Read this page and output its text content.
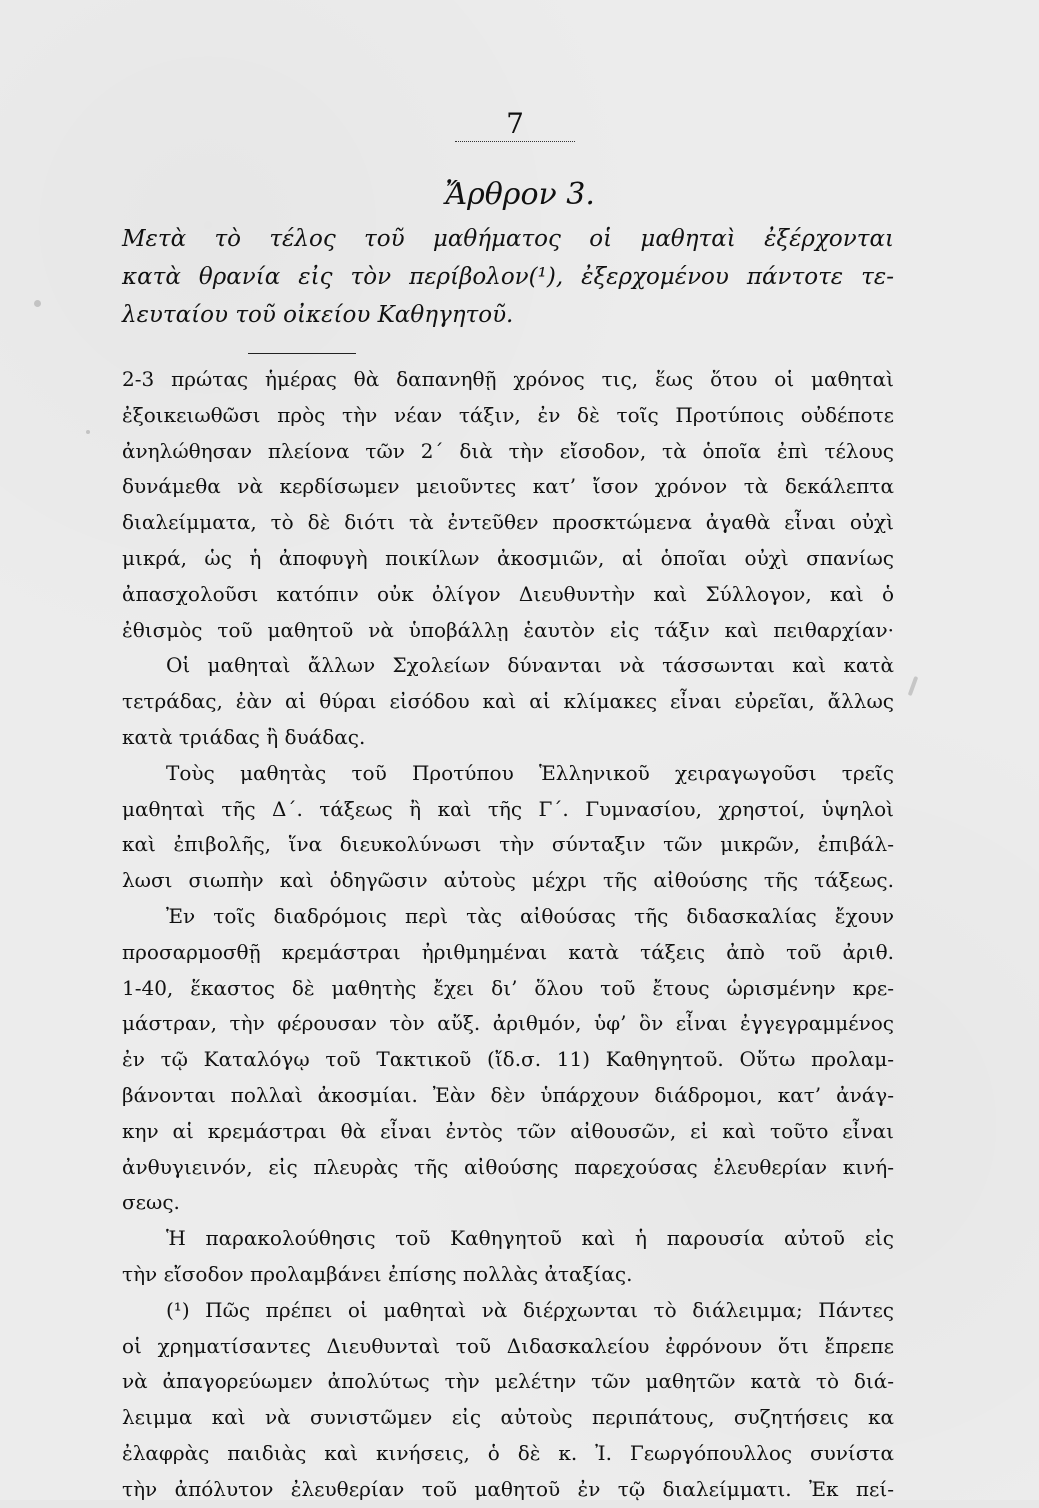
7
Ἄρθρον 3.
Μετὰ τὸ τέλος τοῦ μαθήματος οἱ μαθηταὶ ἐξέρχονται
κατὰ θρανία εἰς τὸν περίβολον(¹), ἐξερχομένου πάντοτε τε-
λευταίου τοῦ οἰκείου Καθηγητοῦ.
2-3 πρώτας ἡμέρας θὰ δαπανηθῇ χρόνος τις, ἕως ὅτου οἱ μαθηταὶ
ἐξοικειωθῶσι πρὸς τὴν νέαν τάξιν, ἐν δὲ τοῖς Προτύποις οὐδέποτε
ἀνηλώθησαν πλείονα τῶν 2´ διὰ τὴν εἴσοδον, τὰ ὁποῖα ἐπὶ τέλους
δυνάμεθα νὰ κερδίσωμεν μειοῦντες κατ’ ἴσον χρόνον τὰ δεκάλεπτα
διαλείμματα, τὸ δὲ διότι τὰ ἐντεῦθεν προσκτώμενα ἀγαθὰ εἶναι οὐχὶ
μικρά, ὡς ἡ ἀποφυγὴ ποικίλων ἀκοσμιῶν, αἱ ὁποῖαι οὐχὶ σπανίως
ἀπασχολοῦσι κατόπιν οὐκ ὀλίγον Διευθυντὴν καὶ Σύλλογον, καὶ ὁ
ἐθισμὸς τοῦ μαθητοῦ νὰ ὑποβάλλῃ ἑαυτὸν εἰς τάξιν καὶ πειθαρχίαν·
Οἱ μαθηταὶ ἄλλων Σχολείων δύνανται νὰ τάσσωνται καὶ κατὰ
τετράδας, ἐὰν αἱ θύραι εἰσόδου καὶ αἱ κλίμακες εἶναι εὐρεῖαι, ἄλλως
κατὰ τριάδας ἢ δυάδας.
Τοὺς μαθητὰς τοῦ Προτύπου Ἑλληνικοῦ χειραγωγοῦσι τρεῖς
μαθηταὶ τῆς Δ´. τάξεως ἢ καὶ τῆς Γ´. Γυμνασίου, χρηστοί, ὑψηλοὶ
καὶ ἐπιβολῆς, ἵνα διευκολύνωσι τὴν σύνταξιν τῶν μικρῶν, ἐπιβάλ-
λωσι σιωπὴν καὶ ὁδηγῶσιν αὐτοὺς μέχρι τῆς αἰθούσης τῆς τάξεως.
Ἐν τοῖς διαδρόμοις περὶ τὰς αἰθούσας τῆς διδασκαλίας ἔχουν
προσαρμοσθῇ κρεμάστραι ἠριθμημέναι κατὰ τάξεις ἀπὸ τοῦ ἀριθ.
1-40, ἕκαστος δὲ μαθητὴς ἔχει δι’ ὅλου τοῦ ἔτους ὡρισμένην κρε-
μάστραν, τὴν φέρουσαν τὸν αὔξ. ἀριθμόν, ὑφ’ ὃν εἶναι ἐγγεγραμμένος
ἐν τῷ Καταλόγῳ τοῦ Τακτικοῦ (ἴδ.σ. 11) Καθηγητοῦ. Οὕτω προλαμ-
βάνονται πολλαὶ ἀκοσμίαι. Ἐὰν δὲν ὑπάρχουν διάδρομοι, κατ’ ἀνάγ-
κην αἱ κρεμάστραι θὰ εἶναι ἐντὸς τῶν αἰθουσῶν, εἰ καὶ τοῦτο εἶναι
ἀνθυγιεινόν, εἰς πλευρὰς τῆς αἰθούσης παρεχούσας ἐλευθερίαν κινή-
σεως.
Ἡ παρακολούθησις τοῦ Καθηγητοῦ καὶ ἡ παρουσία αὐτοῦ εἰς
τὴν εἴσοδον προλαμβάνει ἐπίσης πολλὰς ἀταξίας.
(¹) Πῶς πρέπει οἱ μαθηταὶ νὰ διέρχωνται τὸ διάλειμμα; Πάντες
οἱ χρηματίσαντες Διευθυνταὶ τοῦ Διδασκαλείου ἐφρόνουν ὅτι ἔπρεπε
νὰ ἀπαγορεύωμεν ἀπολύτως τὴν μελέτην τῶν μαθητῶν κατὰ τὸ διά-
λειμμα καὶ νὰ συνιστῶμεν εἰς αὐτοὺς περιπάτους, συζητήσεις κα
ἐλαφρὰς παιδιὰς καὶ κινήσεις, ὁ δὲ κ. Ἰ. Γεωργόπουλλος συνίστα
τὴν ἀπόλυτον ἐλευθερίαν τοῦ μαθητοῦ ἐν τῷ διαλείμματι. Ἐκ πεί-
